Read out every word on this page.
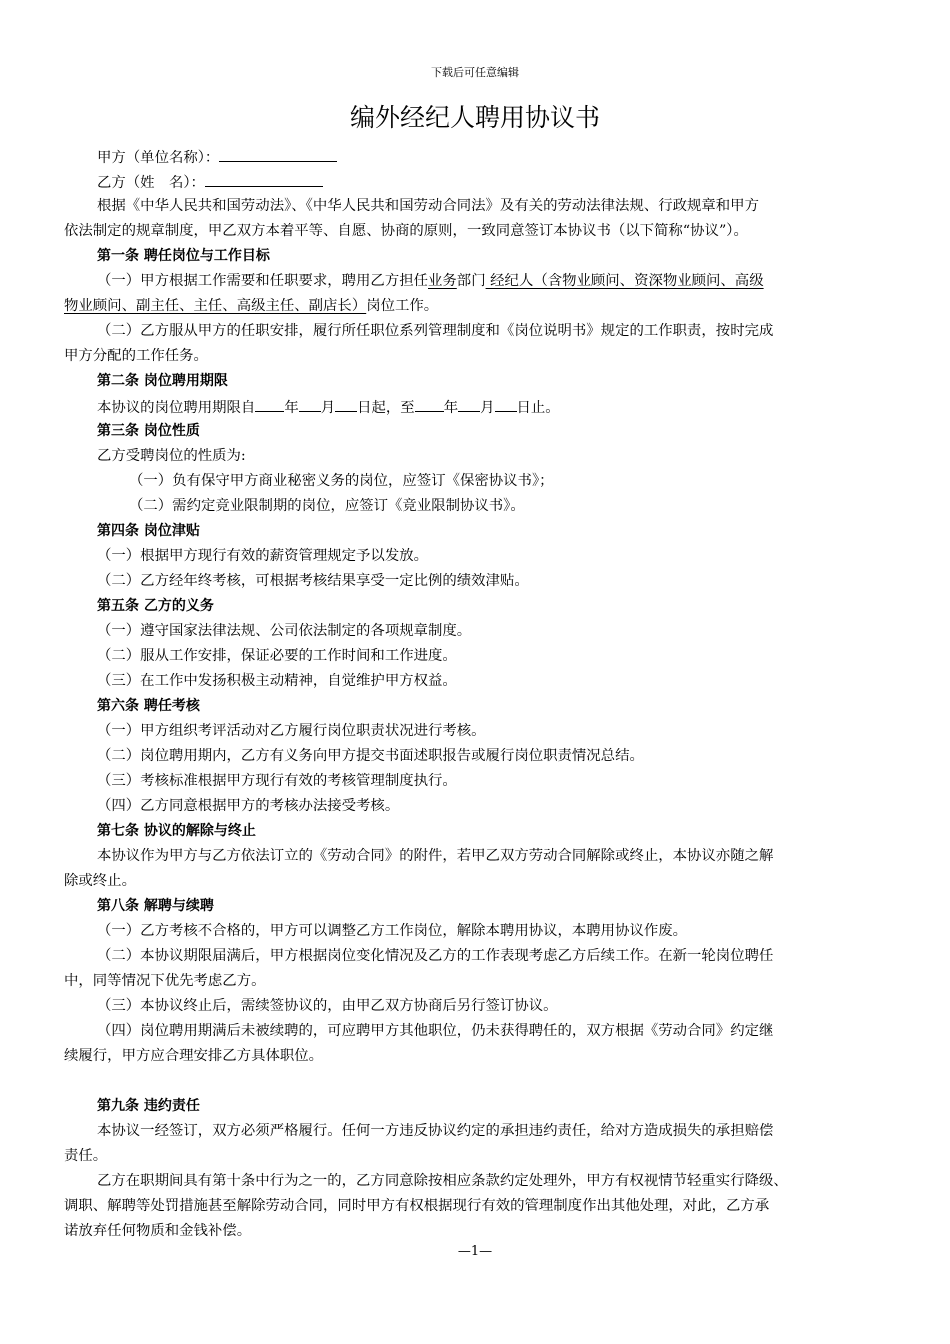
下载后可任意编辑
编外经纪人聘用协议书
甲方（单位名称）：
乙方（姓　名）：
根据《中华人民共和国劳动法》、《中华人民共和国劳动合同法》及有关的劳动法律法规、行政规章和甲方
依法制定的规章制度，甲乙双方本着平等、自愿、协商的原则，一致同意签订本协议书（以下简称“协议”）。
第一条 聘任岗位与工作目标
（一）甲方根据工作需要和任职要求，聘用乙方担任业务部门 经纪人（含物业顾问、资深物业顾问、高级
物业顾问、副主任、主任、高级主任、副店长）岗位工作。
（二）乙方服从甲方的任职安排，履行所任职位系列管理制度和《岗位说明书》规定的工作职责，按时完成
甲方分配的工作任务。
第二条 岗位聘用期限
本协议的岗位聘用期限自 年 月 日起，至 年 月 日止。
第三条 岗位性质
乙方受聘岗位的性质为:
（一）负有保守甲方商业秘密义务的岗位，应签订《保密协议书》；
（二）需约定竞业限制期的岗位，应签订《竞业限制协议书》。
第四条 岗位津贴
（一）根据甲方现行有效的薪资管理规定予以发放。
（二）乙方经年终考核，可根据考核结果享受一定比例的绩效津贴。
第五条 乙方的义务
（一）遵守国家法律法规、公司依法制定的各项规章制度。
（二）服从工作安排，保证必要的工作时间和工作进度。
（三）在工作中发扬积极主动精神，自觉维护甲方权益。
第六条 聘任考核
（一）甲方组织考评活动对乙方履行岗位职责状况进行考核。
（二）岗位聘用期内，乙方有义务向甲方提交书面述职报告或履行岗位职责情况总结。
（三）考核标准根据甲方现行有效的考核管理制度执行。
（四）乙方同意根据甲方的考核办法接受考核。
第七条 协议的解除与终止
本协议作为甲方与乙方依法订立的《劳动合同》的附件，若甲乙双方劳动合同解除或终止，本协议亦随之解
除或终止。
第八条 解聘与续聘
（一）乙方考核不合格的，甲方可以调整乙方工作岗位，解除本聘用协议，本聘用协议作废。
（二）本协议期限届满后，甲方根据岗位变化情况及乙方的工作表现考虑乙方后续工作。在新一轮岗位聘任
中，同等情况下优先考虑乙方。
（三）本协议终止后，需续签协议的，由甲乙双方协商后另行签订协议。
（四）岗位聘用期满后未被续聘的，可应聘甲方其他职位，仍未获得聘任的，双方根据《劳动合同》约定继
续履行，甲方应合理安排乙方具体职位。
第九条 违约责任
本协议一经签订，双方必须严格履行。任何一方违反协议约定的承担违约责任，给对方造成损失的承担赔偿
责任。
乙方在职期间具有第十条中行为之一的，乙方同意除按相应条款约定处理外，甲方有权视情节轻重实行降级、
调职、解聘等处罚措施甚至解除劳动合同，同时甲方有权根据现行有效的管理制度作出其他处理，对此，乙方承
诺放弃任何物质和金钱补偿。
—1—
